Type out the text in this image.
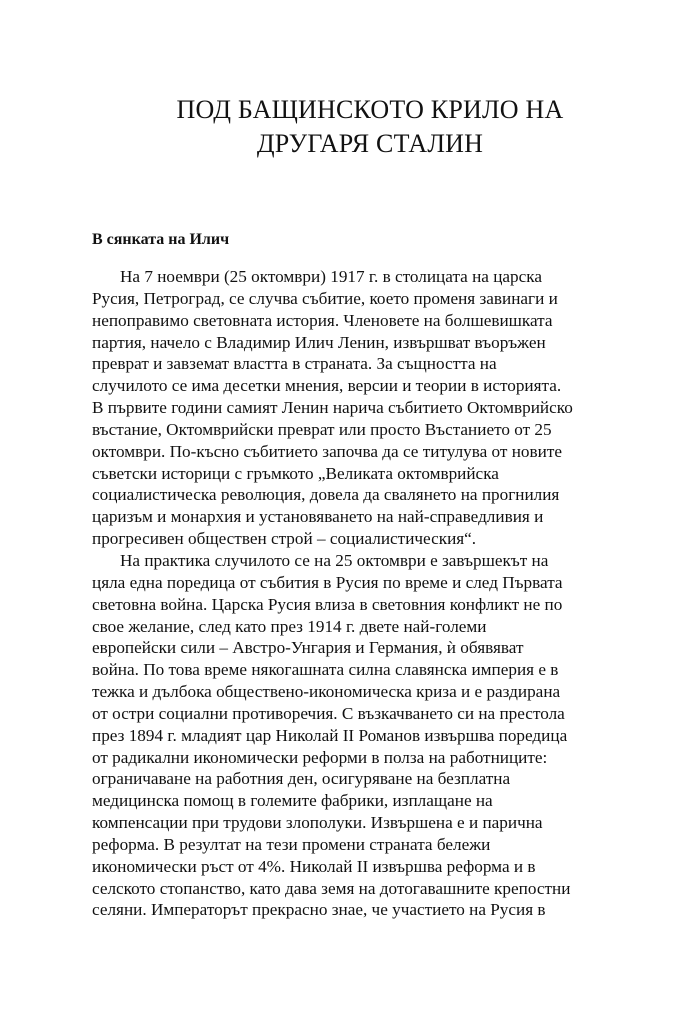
ПОД БАЩИНСКОТО КРИЛО НА
ДРУГАРЯ СТАЛИН
В сянката на Илич
На 7 ноември (25 октомври) 1917 г. в столицата на царска
Русия, Петроград, се случва събитие, което променя завинаги и
непоправимо световната история. Членовете на болшевишката
партия, начело с Владимир Илич Ленин, извършват въоръжен
преврат и завземат властта в страната. За същността на
случилото се има десетки мнения, версии и теории в историята.
В първите години самият Ленин нарича събитието Октомврийско
въстание, Октомврийски преврат или просто Въстанието от 25
октомври. По-късно събитието започва да се титулува от новите
съветски историци с гръмкото „Великата октомврийска
социалистическа революция, довела да свалянето на прогнилия
царизъм и монархия и установяването на най-справедливия и
прогресивен обществен строй – социалистическия“.
На практика случилото се на 25 октомври е завършекът на
цяла една поредица от събития в Русия по време и след Първата
световна война. Царска Русия влиза в световния конфликт не по
свое желание, след като през 1914 г. двете най-големи
европейски сили – Австро-Унгария и Германия, ѝ обявяват
война. По това време някогашната силна славянска империя е в
тежка и дълбока обществено-икономическа криза и е раздирана
от остри социални противоречия. С възкачването си на престола
през 1894 г. младият цар Николай II Романов извършва поредица
от радикални икономически реформи в полза на работниците:
ограничаване на работния ден, осигуряване на безплатна
медицинска помощ в големите фабрики, изплащане на
компенсации при трудови злополуки. Извършена е и парична
реформа. В резултат на тези промени страната бележи
икономически ръст от 4%. Николай II извършва реформа и в
селското стопанство, като дава земя на дотогавашните крепостни
селяни. Императорът прекрасно знае, че участието на Русия в
